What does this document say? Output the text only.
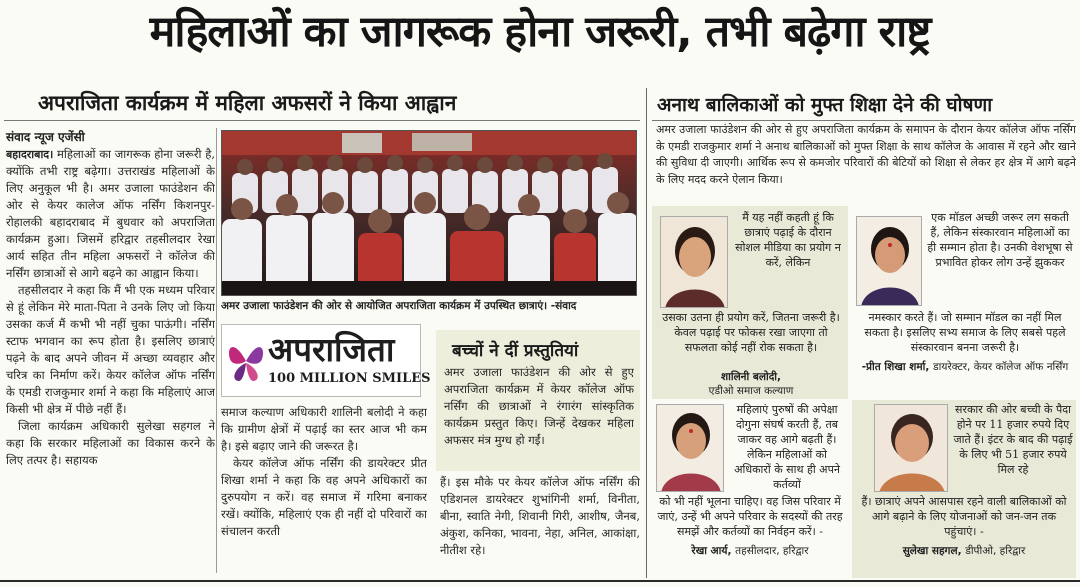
महिलाओं का जागरूक होना जरूरी, तभी बढ़ेगा राष्ट्र
अपराजिता कार्यक्रम में महिला अफसरों ने किया आह्वान
संवाद न्यूज एजेंसी

बहादराबाद। महिलाओं का जागरूक होना जरूरी है, क्योंकि तभी राष्ट्र बढ़ेगा। उत्तराखंड महिलाओं के लिए अनुकूल भी है। अमर उजाला फाउंडेशन की ओर से केयर कालेज ऑफ नर्सिंग किशनपुर-रोहालकी बहादराबाद में बुधवार को अपराजिता कार्यक्रम हुआ। जिसमें हरिद्वार तहसीलदार रेखा आर्य सहित तीन महिला अफसरों ने कॉलेज की नर्सिंग छात्राओं से आगे बढ़ने का आह्वान किया।

तहसीलदार ने कहा कि मैं भी एक मध्यम परिवार से हूं लेकिन मेरे माता-पिता ने उनके लिए जो किया उसका कर्ज मैं कभी भी नहीं चुका पाऊंगी। नर्सिंग स्टाफ भगवान का रूप होता है। इसलिए छात्राएं पढ़ने के बाद अपने जीवन में अच्छा व्यवहार और चरित्र का निर्माण करें। केयर कॉलेज ऑफ नर्सिंग के एमडी राजकुमार शर्मा ने कहा कि महिलाएं आज किसी भी क्षेत्र में पीछे नहीं हैं।

जिला कार्यक्रम अधिकारी सुलेखा सहगल ने कहा कि सरकार महिलाओं का विकास करने के लिए तत्पर है। सहायक

अमर उजाला फाउंडेशन की ओर से आयोजित अपराजिता कार्यक्रम में उपस्थित छात्राएं। -संवाद
अपराजिता
100 MILLION SMILES

समाज कल्याण अधिकारी शालिनी बलोदी ने कहा कि ग्रामीण क्षेत्रों में पढ़ाई का स्तर आज भी कम है। इसे बढ़ाए जाने की जरूरत है।

केयर कॉलेज ऑफ नर्सिंग की डायरेक्टर प्रीत शिखा शर्मा ने कहा कि वह अपने अधिकारों का दुरुपयोग न करें। वह समाज में गरिमा बनाकर रखें। क्योंकि, महिलाएं एक ही नहीं दो परिवारों का संचालन करती

बच्चों ने दीं प्रस्तुतियां

अमर उजाला फाउंडेशन की ओर से हुए अपराजिता कार्यक्रम में केयर कॉलेज ऑफ नर्सिंग की छात्राओं ने रंगारंग सांस्कृतिक कार्यक्रम प्रस्तुत किए। जिन्हें देखकर महिला अफसर मंत्र मुग्ध हो गईं।

हैं। इस मौके पर केयर कॉलेज ऑफ नर्सिंग की एडिशनल डायरेक्टर शुभांगिनी शर्मा, विनीता, बीना, स्वाति नेगी, शिवानी गिरी, आशीष, जैनब, अंकुश, कनिका, भावना, नेहा, अनिल, आकांक्षा, नीतीश रहे।

अनाथ बालिकाओं को मुफ्त शिक्षा देने की घोषणा

अमर उजाला फाउंडेशन की ओर से हुए अपराजिता कार्यक्रम के समापन के दौरान केयर कॉलेज ऑफ नर्सिंग के एमडी राजकुमार शर्मा ने अनाथ बालिकाओं को मुफ्त शिक्षा के साथ कॉलेज के आवास में रहने और खाने की सुविधा दी जाएगी। आर्थिक रूप से कमजोर परिवारों की बेटियों को शिक्षा से लेकर हर क्षेत्र में आगे बढ़ने के लिए मदद करने ऐलान किया।

मैं यह नहीं कहती हूं कि छात्राएं पढ़ाई के दौरान सोशल मीडिया का प्रयोग न करें, लेकिन
उसका उतना ही प्रयोग करें, जितना जरूरी है। केवल पढ़ाई पर फोकस रखा जाएगा तो सफलता कोई नहीं रोक सकता है।
शालिनी बलोदी,
एडीओ समाज कल्याण
एक मॉडल अच्छी जरूर लग सकती हैं, लेकिन संस्कारवान महिलाओं का ही सम्मान होता है। उनकी वेशभूषा से प्रभावित होकर लोग उन्हें झुककर
नमस्कार करते हैं। जो सम्मान मॉडल का नहीं मिल सकता है। इसलिए सभ्य समाज के लिए सबसे पहले संस्कारवान बनना जरूरी है।
-प्रीत शिखा शर्मा, डायरेक्टर, केयर कॉलेज ऑफ नर्सिंग
महिलाएं पुरुषों की अपेक्षा दोगुना संघर्ष करती हैं, तब जाकर वह आगे बढ़ती हैं। लेकिन महिलाओं को अधिकारों के साथ ही अपने कर्तव्यों
को भी नहीं भूलना चाहिए। वह जिस परिवार में जाएं, उन्हें भी अपने परिवार के सदस्यों की तरह समझें और कर्तव्यों का निर्वहन करें। -
रेखा आर्य, तहसीलदार, हरिद्वार
सरकार की ओर बच्ची के पैदा होने पर 11 हजार रुपये दिए जाते हैं। इंटर के बाद की पढ़ाई के लिए भी 51 हजार रुपये मिल रहे
हैं। छात्राएं अपने आसपास रहने वाली बालिकाओं को आगे बढ़ाने के लिए योजनाओं को जन-जन तक पहुंचाएं। -
सुलेखा सहगल, डीपीओ, हरिद्वार
